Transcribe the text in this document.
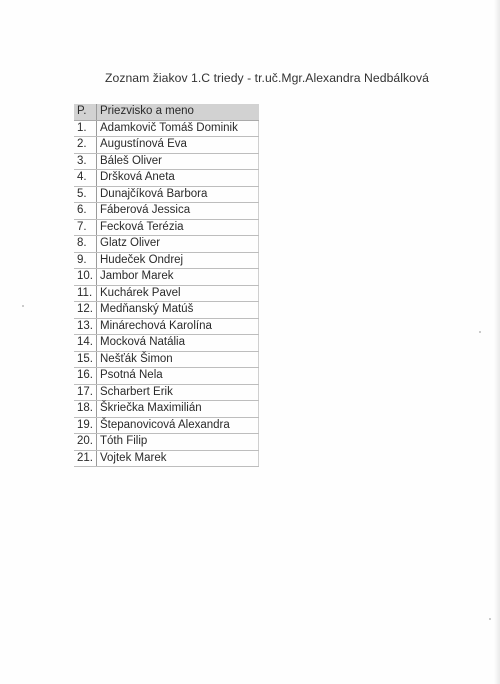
Zoznam žiakov 1.C triedy - tr.uč.Mgr.Alexandra Nedbálková
P.	Priezvisko a meno
1.	Adamkovič Tomáš Dominik
2.	Augustínová Eva
3.	Báleš Oliver
4.	Dršková Aneta
5.	Dunajčíková Barbora
6.	Fáberová Jessica
7.	Fecková Terézia
8.	Glatz Oliver
9.	Hudeček Ondrej
10.	Jambor Marek
11.	Kuchárek Pavel
12.	Medňanský Matúš
13.	Minárechová Karolína
14.	Mocková Natália
15.	Nešťák Šimon
16.	Psotná Nela
17.	Scharbert Erik
18.	Škriečka Maximilián
19.	Štepanovicová Alexandra
20.	Tóth Filip
21.	Vojtek Marek
